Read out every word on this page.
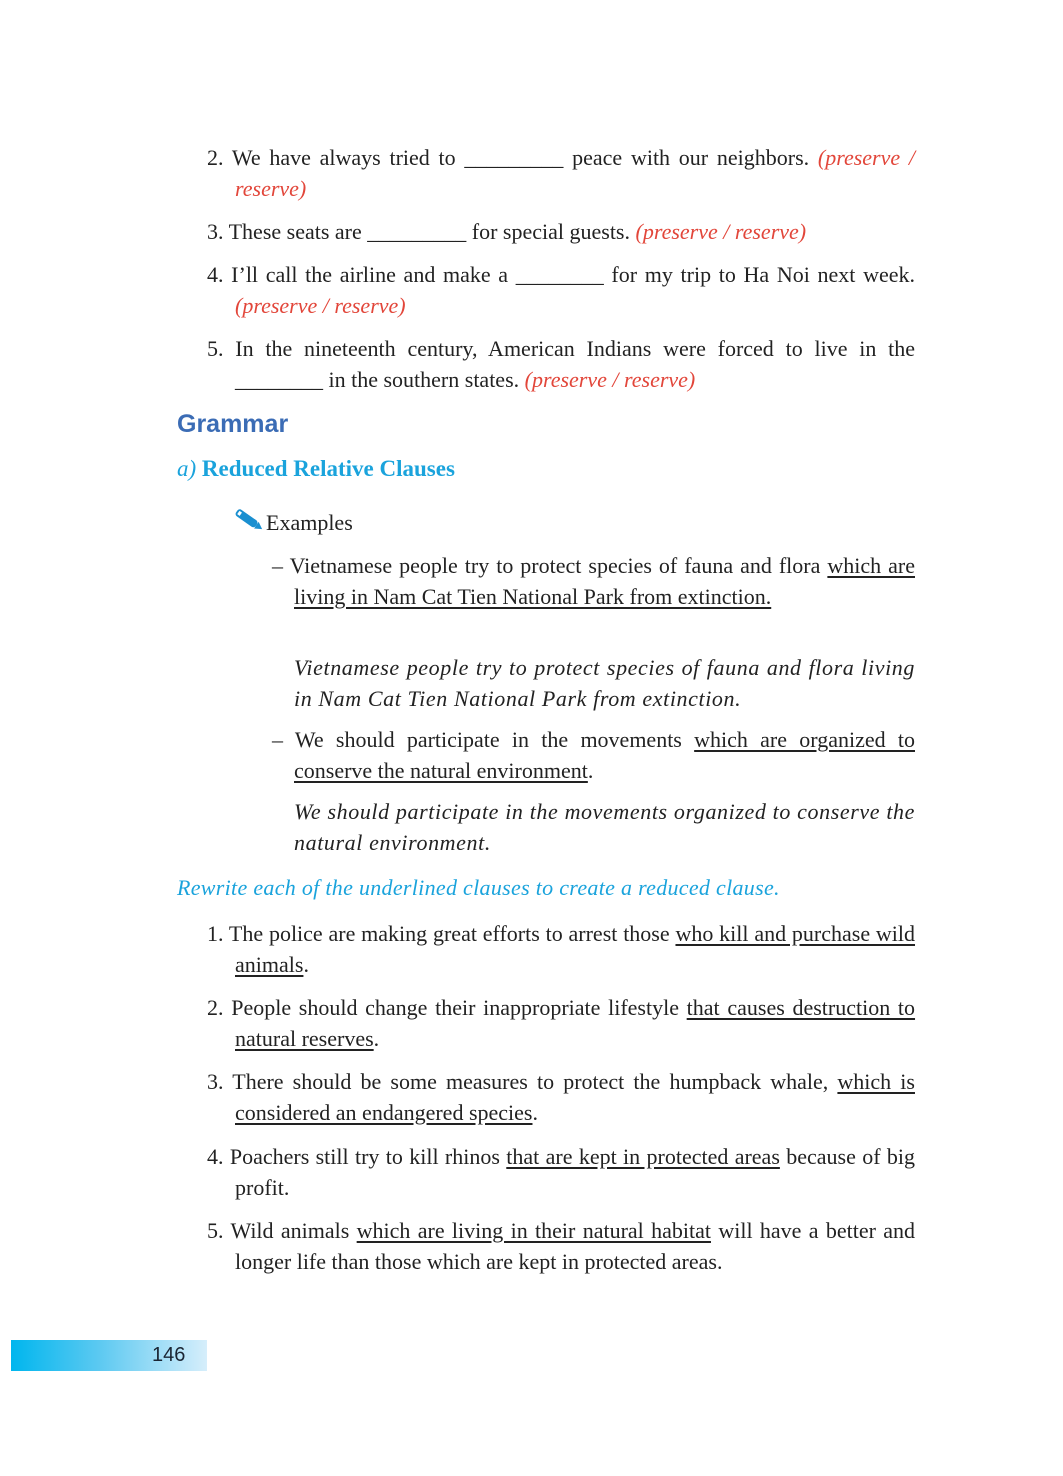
2. We have always tried to _________ peace with our neighbors. (preserve / reserve)
3. These seats are _________ for special guests. (preserve / reserve)
4. I’ll call the airline and make a ________ for my trip to Ha Noi next week. (preserve / reserve)
5. In the nineteenth century, American Indians were forced to live in the ________ in the southern states. (preserve / reserve)
Grammar
a) Reduced Relative Clauses
Examples
– Vietnamese people try to protect species of fauna and flora which are living in Nam Cat Tien National Park from extinction.
Vietnamese people try to protect species of fauna and flora living in Nam Cat Tien National Park from extinction.
– We should participate in the movements which are organized to conserve the natural environment.
We should participate in the movements organized to conserve the natural environment.
Rewrite each of the underlined clauses to create a reduced clause.
1. The police are making great efforts to arrest those who kill and purchase wild animals.
2. People should change their inappropriate lifestyle that causes destruction to natural reserves.
3. There should be some measures to protect the humpback whale, which is considered an endangered species.
4. Poachers still try to kill rhinos that are kept in protected areas because of big profit.
5. Wild animals which are living in their natural habitat will have a better and longer life than those which are kept in protected areas.
146
